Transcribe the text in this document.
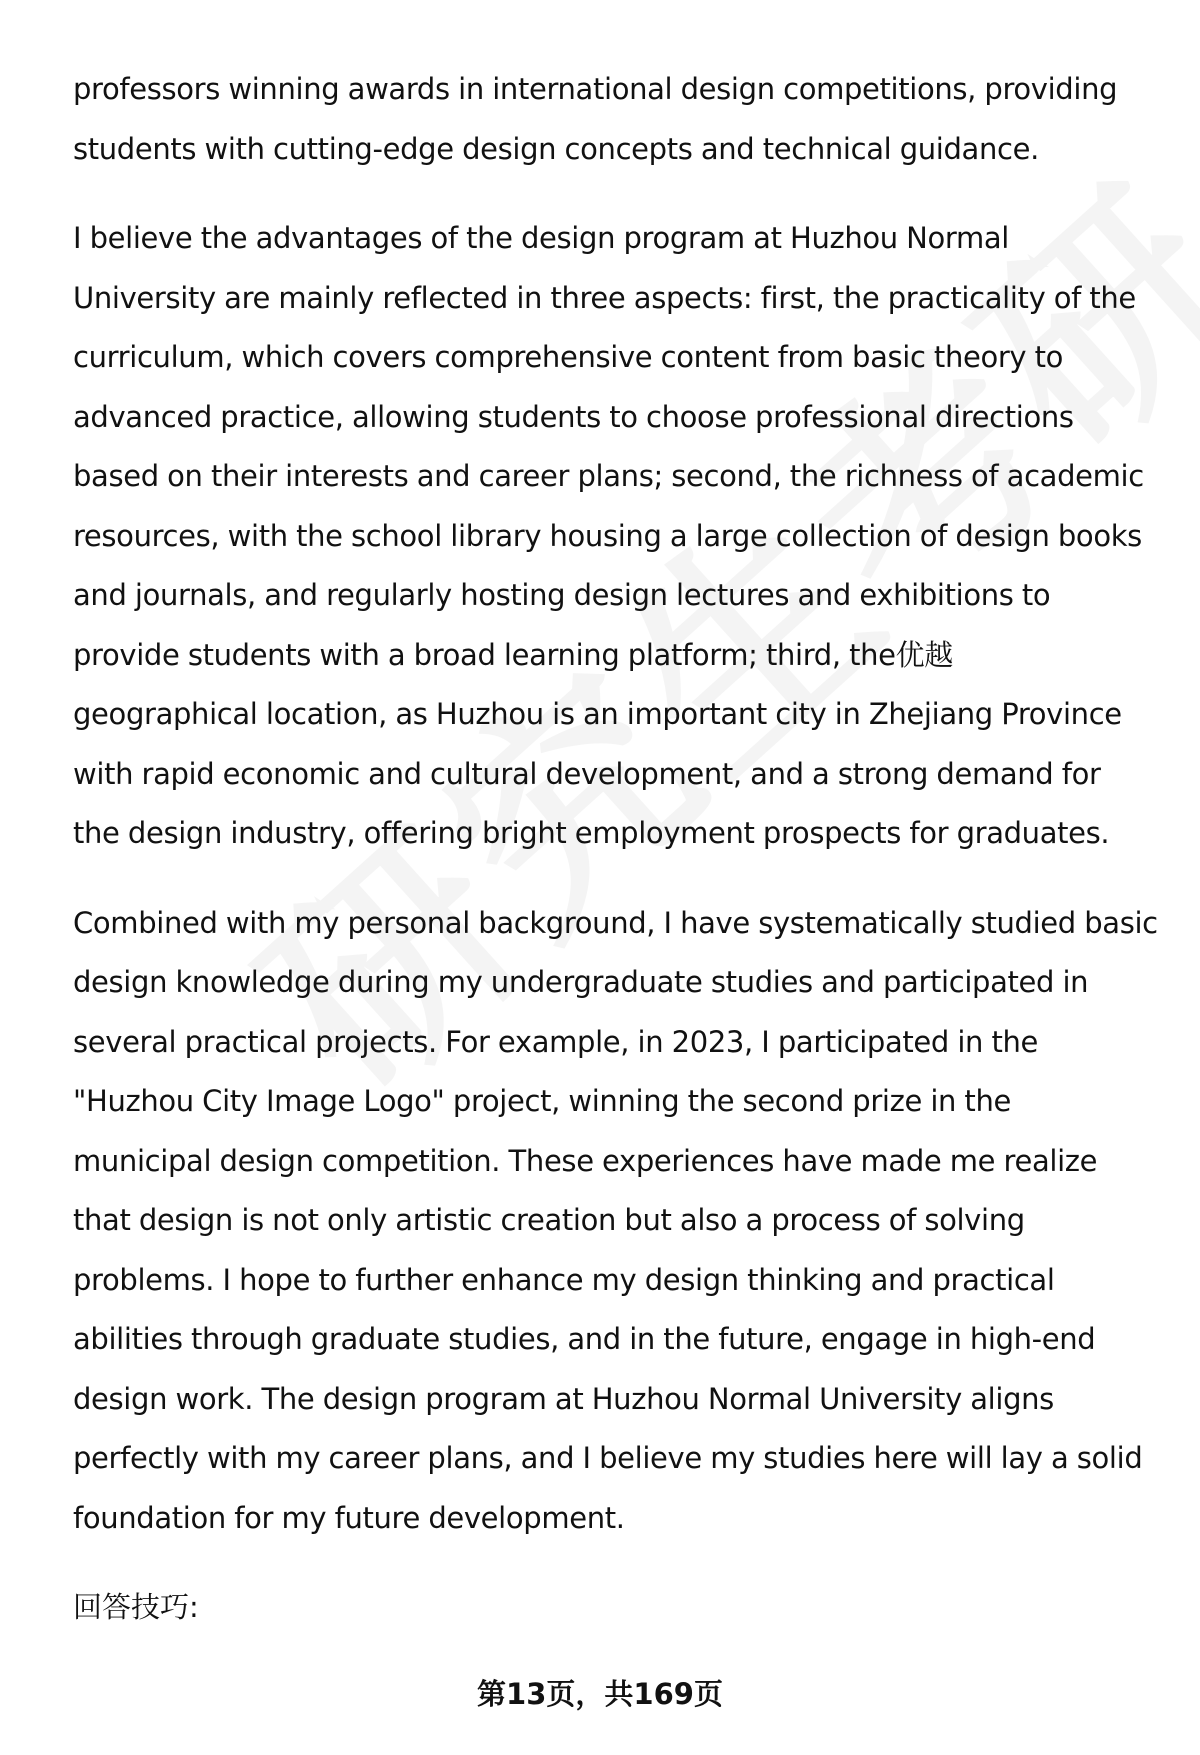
professors winning awards in international design competitions, providing
students with cutting-edge design concepts and technical guidance.

I believe the advantages of the design program at Huzhou Normal
University are mainly reflected in three aspects: first, the practicality of the
curriculum, which covers comprehensive content from basic theory to
advanced practice, allowing students to choose professional directions
based on their interests and career plans; second, the richness of academic
resources, with the school library housing a large collection of design books
and journals, and regularly hosting design lectures and exhibitions to
provide students with a broad learning platform; third, the优越
geographical location, as Huzhou is an important city in Zhejiang Province
with rapid economic and cultural development, and a strong demand for
the design industry, offering bright employment prospects for graduates.

Combined with my personal background, I have systematically studied basic
design knowledge during my undergraduate studies and participated in
several practical projects. For example, in 2023, I participated in the
"Huzhou City Image Logo" project, winning the second prize in the
municipal design competition. These experiences have made me realize
that design is not only artistic creation but also a process of solving
problems. I hope to further enhance my design thinking and practical
abilities through graduate studies, and in the future, engage in high-end
design work. The design program at Huzhou Normal University aligns
perfectly with my career plans, and I believe my studies here will lay a solid
foundation for my future development.

回答技巧:

第13页，共169页
